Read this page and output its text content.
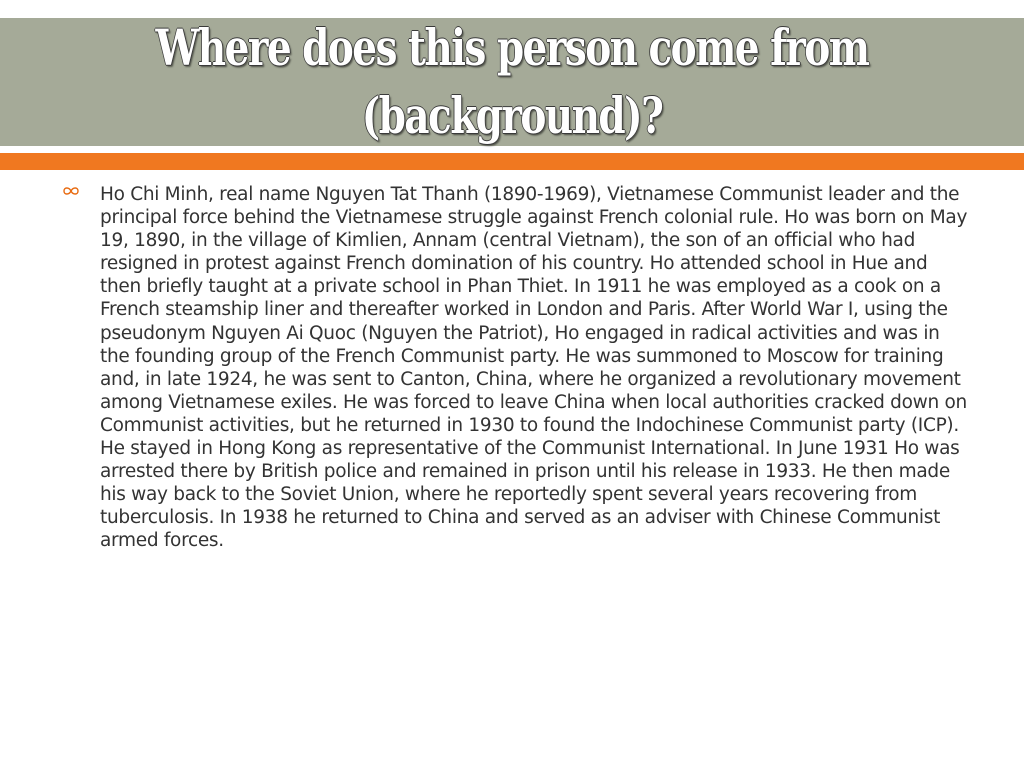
Where does this person come from (background)?

Ho Chi Minh, real name Nguyen Tat Thanh (1890-1969), Vietnamese Communist leader and the principal force behind the Vietnamese struggle against French colonial rule. Ho was born on May 19, 1890, in the village of Kimlien, Annam (central Vietnam), the son of an official who had resigned in protest against French domination of his country. Ho attended school in Hue and then briefly taught at a private school in Phan Thiet. In 1911 he was employed as a cook on a French steamship liner and thereafter worked in London and Paris. After World War I, using the pseudonym Nguyen Ai Quoc (Nguyen the Patriot), Ho engaged in radical activities and was in the founding group of the French Communist party. He was summoned to Moscow for training and, in late 1924, he was sent to Canton, China, where he organized a revolutionary movement among Vietnamese exiles. He was forced to leave China when local authorities cracked down on Communist activities, but he returned in 1930 to found the Indochinese Communist party (ICP). He stayed in Hong Kong as representative of the Communist International. In June 1931 Ho was arrested there by British police and remained in prison until his release in 1933. He then made his way back to the Soviet Union, where he reportedly spent several years recovering from tuberculosis. In 1938 he returned to China and served as an adviser with Chinese Communist armed forces.
